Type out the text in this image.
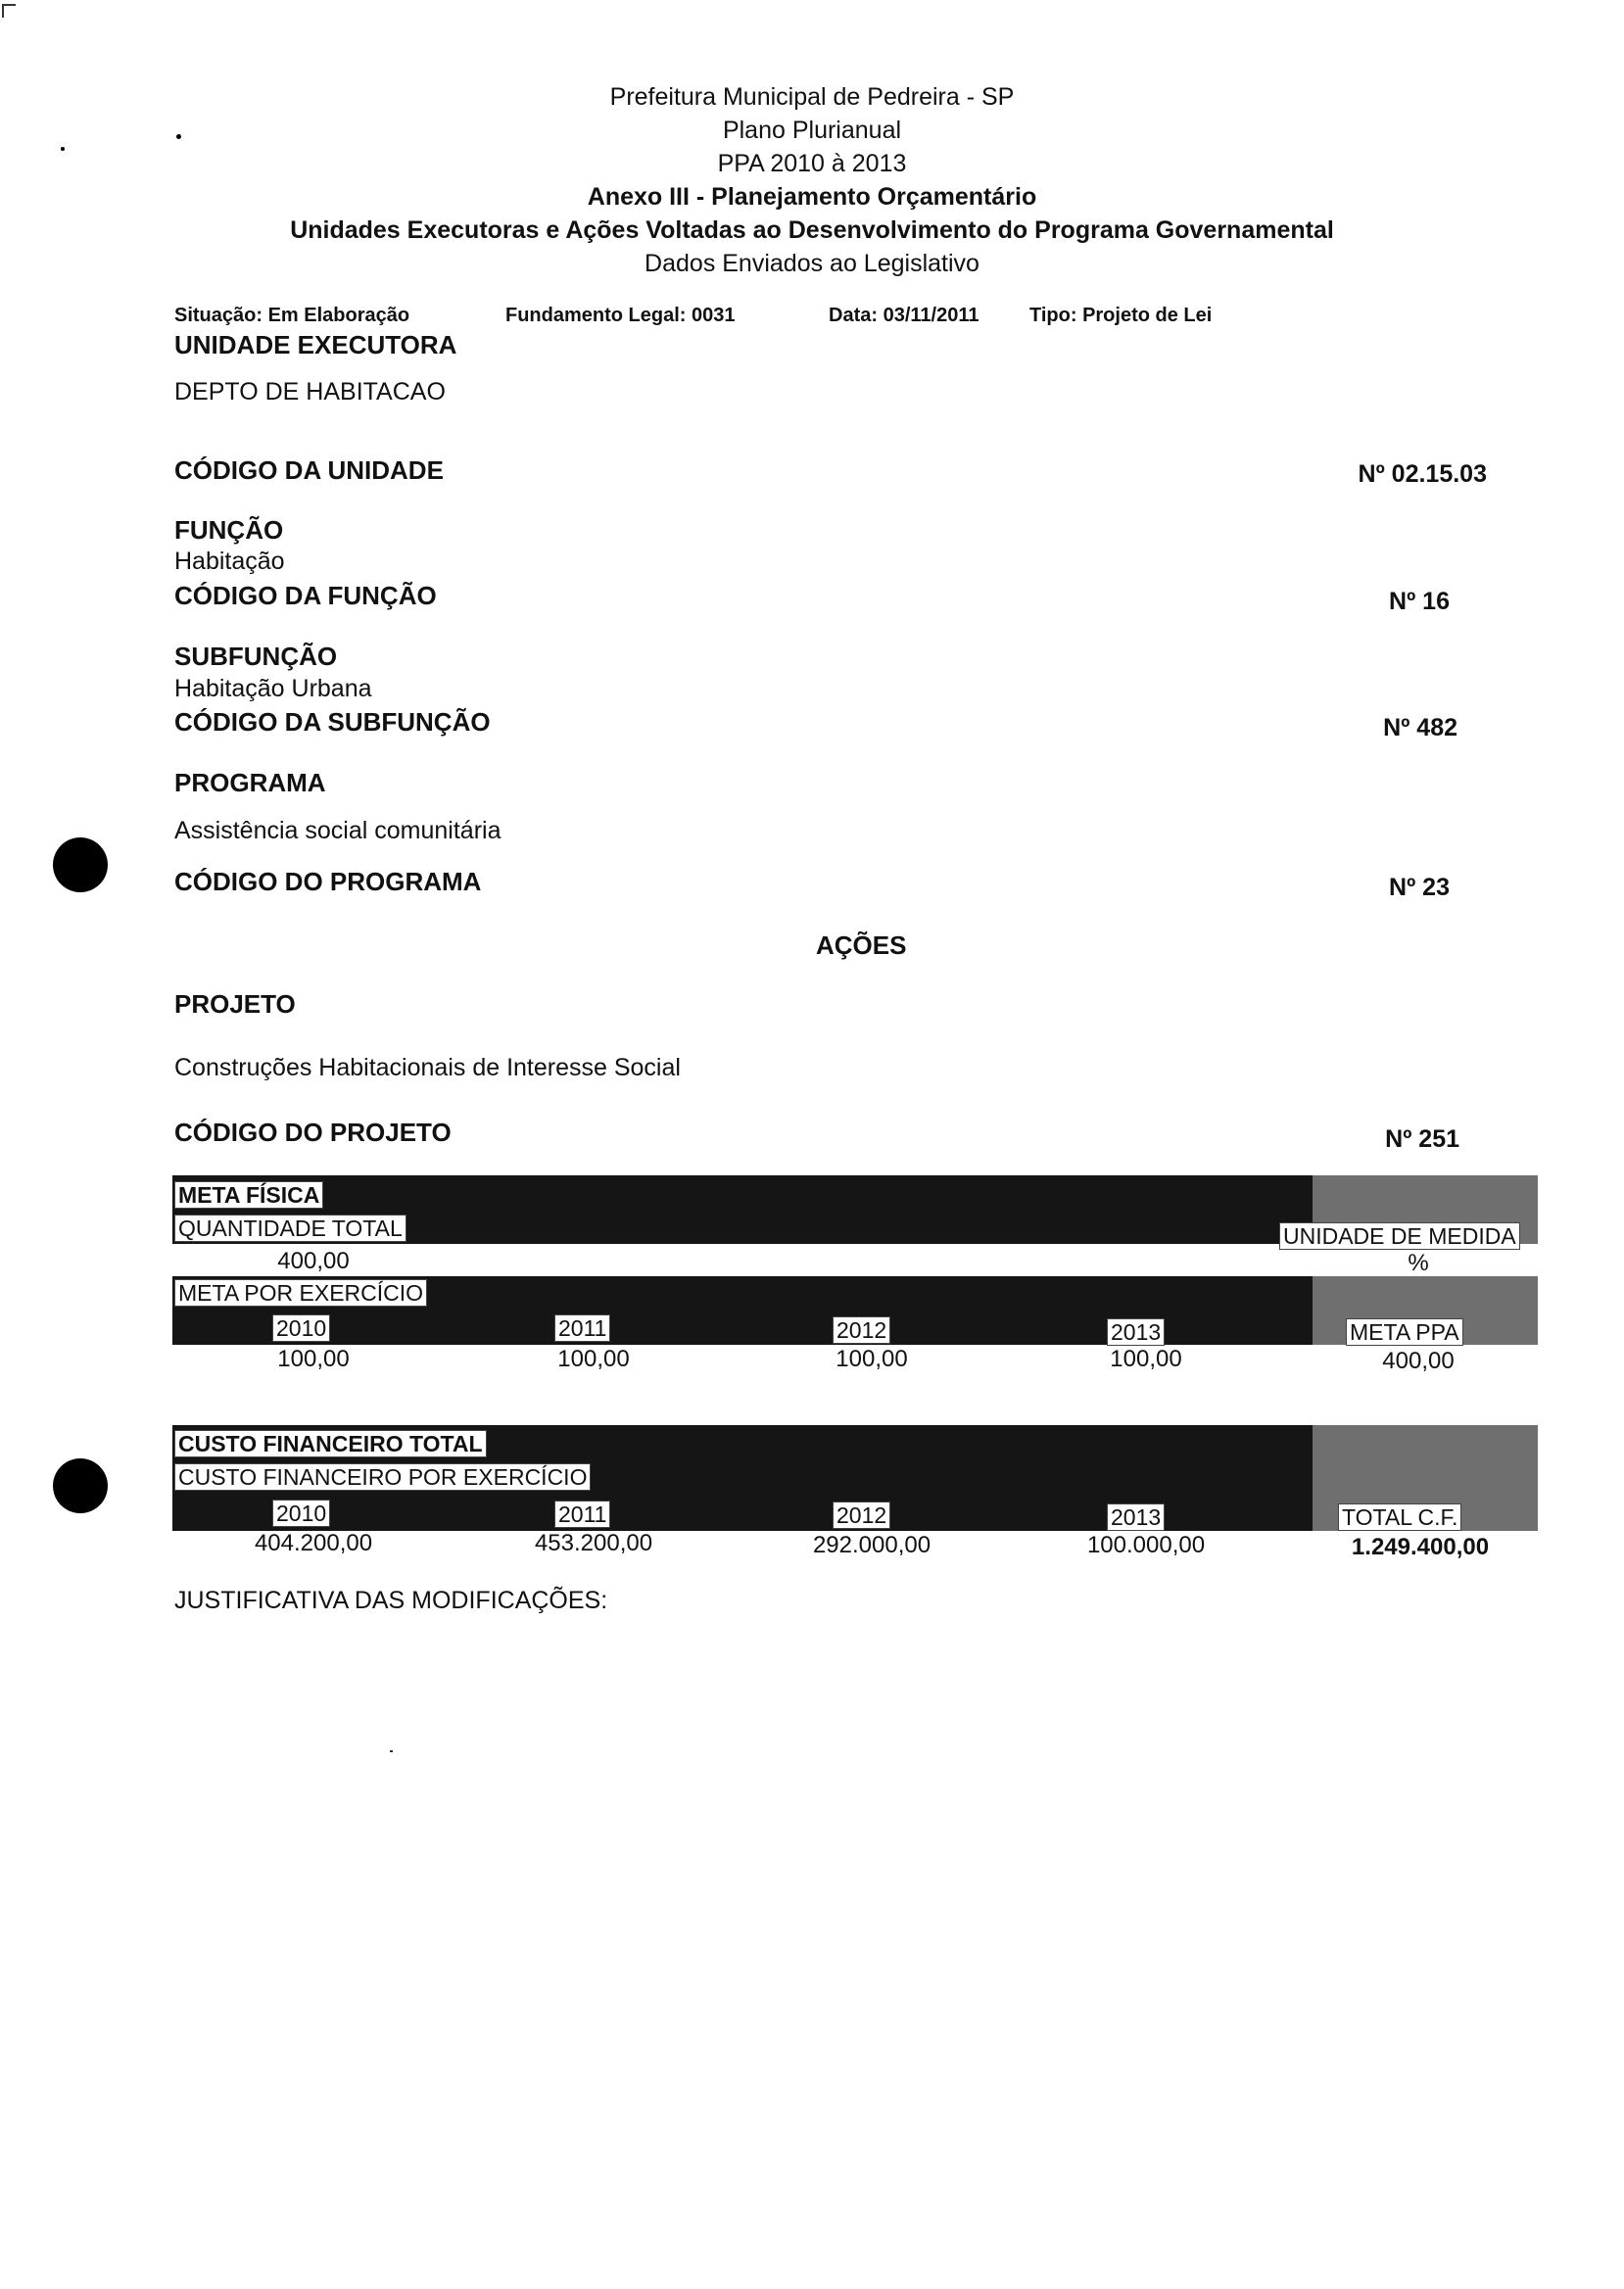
Prefeitura Municipal de Pedreira - SP
Plano Plurianual
PPA 2010 à 2013
Anexo III - Planejamento Orçamentário
Unidades Executoras e Ações Voltadas ao Desenvolvimento do Programa Governamental
Dados Enviados ao Legislativo
Situação: Em Elaboração	Fundamento Legal: 0031	Data: 03/11/2011	Tipo: Projeto de Lei
UNIDADE EXECUTORA
DEPTO DE HABITACAO
CÓDIGO DA UNIDADE	Nº 02.15.03
FUNÇÃO
Habitação
CÓDIGO DA FUNÇÃO	Nº 16
SUBFUNÇÃO
Habitação Urbana
CÓDIGO DA SUBFUNÇÃO	Nº 482
PROGRAMA
Assistência social comunitária
CÓDIGO DO PROGRAMA	Nº 23
AÇÕES
PROJETO
Construções Habitacionais de Interesse Social
CÓDIGO DO PROJETO	Nº 251
META FÍSICA
QUANTIDADE TOTAL	UNIDADE DE MEDIDA
400,00	%
META POR EXERCÍCIO
2010	2011	2012	2013	META PPA
100,00	100,00	100,00	100,00	400,00
CUSTO FINANCEIRO TOTAL
CUSTO FINANCEIRO POR EXERCÍCIO
2010	2011	2012	2013	TOTAL C.F.
404.200,00	453.200,00	292.000,00	100.000,00	1.249.400,00
JUSTIFICATIVA DAS MODIFICAÇÕES:
